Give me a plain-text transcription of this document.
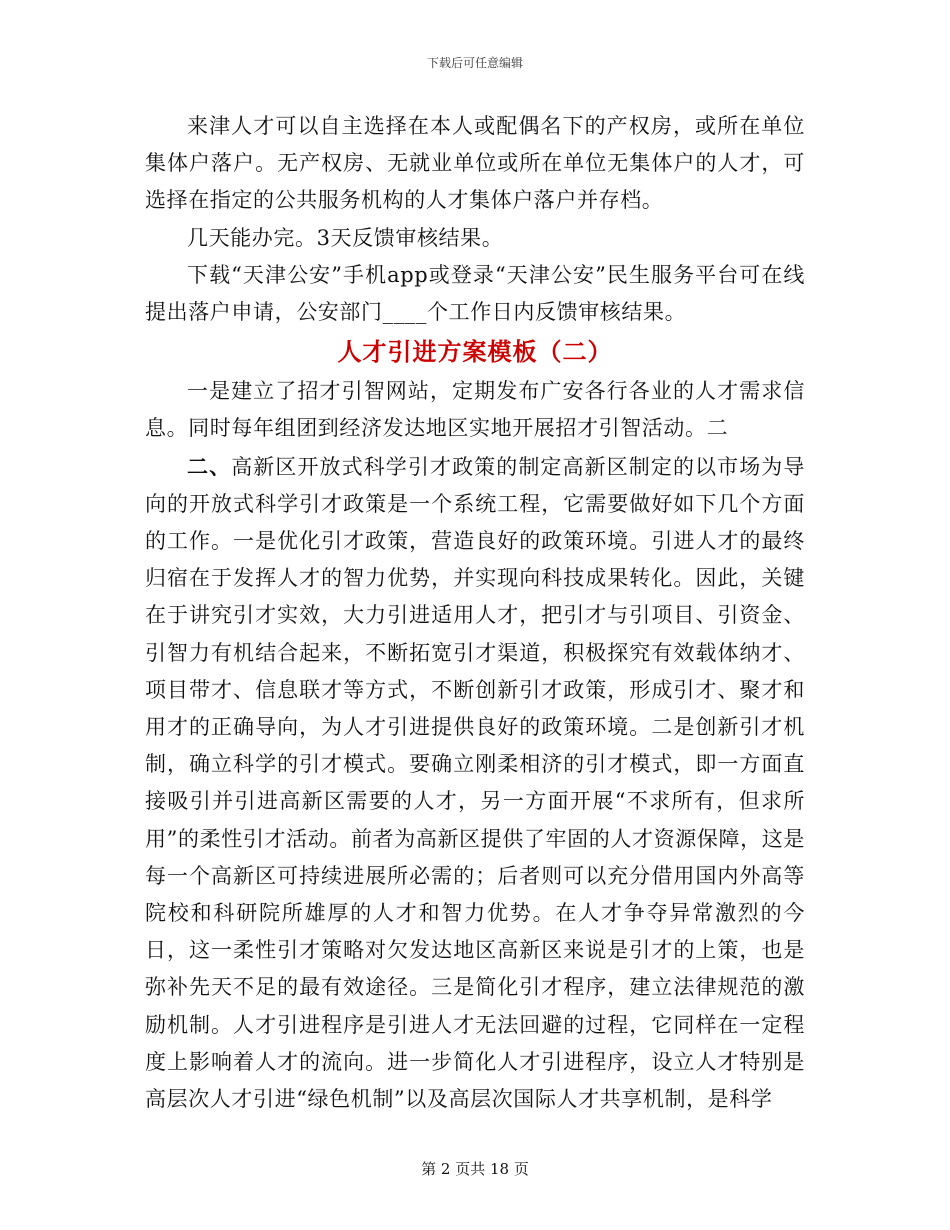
下载后可任意编辑

来津人才可以自主选择在本人或配偶名下的产权房，或所在单位集体户落户。无产权房、无就业单位或所在单位无集体户的人才，可选择在指定的公共服务机构的人才集体户落户并存档。

几天能办完。3天反馈审核结果。

下载“天津公安”手机app或登录“天津公安”民生服务平台可在线提出落户申请，公安部门____个工作日内反馈审核结果。

人才引进方案模板（二）

一是建立了招才引智网站，定期发布广安各行各业的人才需求信息。同时每年组团到经济发达地区实地开展招才引智活动。二

二、高新区开放式科学引才政策的制定高新区制定的以市场为导向的开放式科学引才政策是一个系统工程，它需要做好如下几个方面的工作。一是优化引才政策，营造良好的政策环境。引进人才的最终归宿在于发挥人才的智力优势，并实现向科技成果转化。因此，关键在于讲究引才实效，大力引进适用人才，把引才与引项目、引资金、引智力有机结合起来，不断拓宽引才渠道，积极探究有效载体纳才、项目带才、信息联才等方式，不断创新引才政策，形成引才、聚才和用才的正确导向，为人才引进提供良好的政策环境。二是创新引才机制，确立科学的引才模式。要确立刚柔相济的引才模式，即一方面直接吸引并引进高新区需要的人才，另一方面开展“不求所有，但求所用”的柔性引才活动。前者为高新区提供了牢固的人才资源保障，这是每一个高新区可持续进展所必需的；后者则可以充分借用国内外高等院校和科研院所雄厚的人才和智力优势。在人才争夺异常激烈的今日，这一柔性引才策略对欠发达地区高新区来说是引才的上策，也是弥补先天不足的最有效途径。三是简化引才程序，建立法律规范的激励机制。人才引进程序是引进人才无法回避的过程，它同样在一定程度上影响着人才的流向。进一步简化人才引进程序，设立人才特别是高层次人才引进“绿色机制”以及高层次国际人才共享机制，是科学

第 2 页共 18 页
